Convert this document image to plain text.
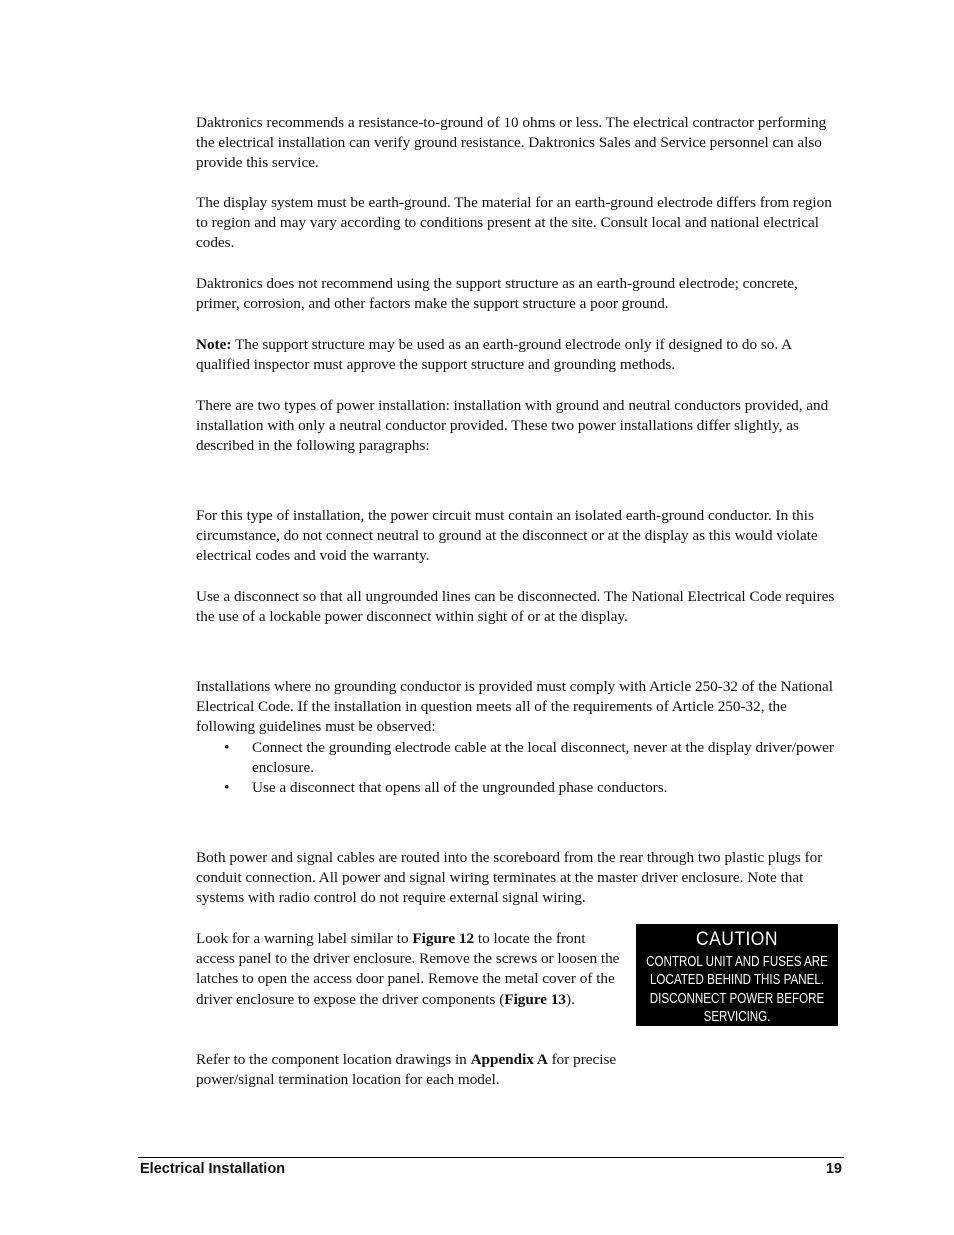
Daktronics recommends a resistance-to-ground of 10 ohms or less. The electrical contractor performing the electrical installation can verify ground resistance. Daktronics Sales and Service personnel can also provide this service.

The display system must be earth-ground. The material for an earth-ground electrode differs from region to region and may vary according to conditions present at the site. Consult local and national electrical codes.

Daktronics does not recommend using the support structure as an earth-ground electrode; concrete, primer, corrosion, and other factors make the support structure a poor ground.

Note: The support structure may be used as an earth-ground electrode only if designed to do so. A qualified inspector must approve the support structure and grounding methods.

There are two types of power installation: installation with ground and neutral conductors provided, and installation with only a neutral conductor provided. These two power installations differ slightly, as described in the following paragraphs:

For this type of installation, the power circuit must contain an isolated earth-ground conductor. In this circumstance, do not connect neutral to ground at the disconnect or at the display as this would violate electrical codes and void the warranty.

Use a disconnect so that all ungrounded lines can be disconnected. The National Electrical Code requires the use of a lockable power disconnect within sight of or at the display.

Installations where no grounding conductor is provided must comply with Article 250-32 of the National Electrical Code. If the installation in question meets all of the requirements of Article 250-32, the following guidelines must be observed:

• Connect the grounding electrode cable at the local disconnect, never at the display driver/power enclosure.
• Use a disconnect that opens all of the ungrounded phase conductors.

Both power and signal cables are routed into the scoreboard from the rear through two plastic plugs for conduit connection. All power and signal wiring terminates at the master driver enclosure. Note that systems with radio control do not require external signal wiring.

Look for a warning label similar to Figure 12 to locate the front access panel to the driver enclosure. Remove the screws or loosen the latches to open the access door panel. Remove the metal cover of the driver enclosure to expose the driver components (Figure 13).

Refer to the component location drawings in Appendix A for precise power/signal termination location for each model.

CAUTION
CONTROL UNIT AND FUSES ARE
LOCATED BEHIND THIS PANEL.
DISCONNECT POWER BEFORE
SERVICING.
Electrical Installation	19
